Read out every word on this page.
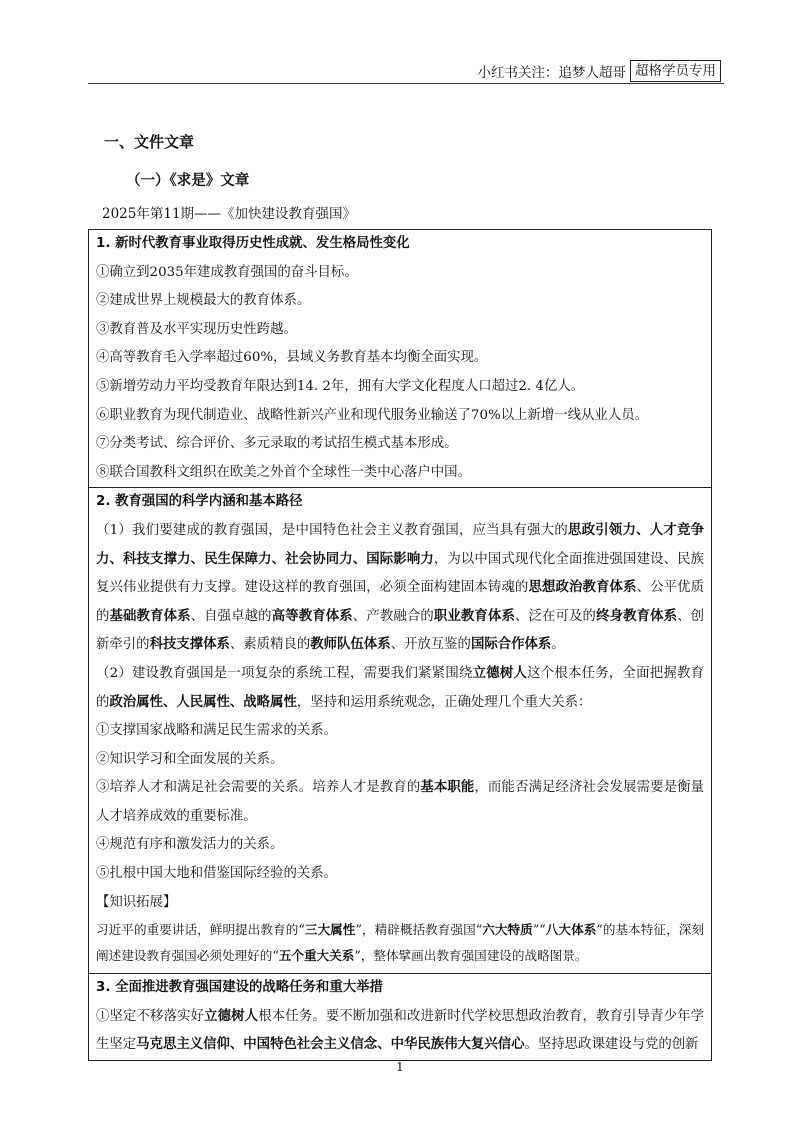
小红书关注：追梦人超哥 超格学员专用
一、文件文章
（一）《求是》文章
2025年第11期——《加快建设教育强国》
1. 新时代教育事业取得历史性成就、发生格局性变化
①确立到2035年建成教育强国的奋斗目标。
②建成世界上规模最大的教育体系。
③教育普及水平实现历史性跨越。
④高等教育毛入学率超过60%，县域义务教育基本均衡全面实现。
⑤新增劳动力平均受教育年限达到14. 2年，拥有大学文化程度人口超过2. 4亿人。
⑥职业教育为现代制造业、战略性新兴产业和现代服务业输送了70%以上新增一线从业人员。
⑦分类考试、综合评价、多元录取的考试招生模式基本形成。
⑧联合国教科文组织在欧美之外首个全球性一类中心落户中国。
2. 教育强国的科学内涵和基本路径

（1）我们要建成的教育强国，是中国特色社会主义教育强国，应当具有强大的思政引领力、人才竞争力、科技支撑力、民生保障力、社会协同力、国际影响力，为以中国式现代化全面推进强国建设、民族复兴伟业提供有力支撑。建设这样的教育强国，必须全面构建固本铸魂的思想政治教育体系、公平优质的基础教育体系、自强卓越的高等教育体系、产教融合的职业教育体系、泛在可及的终身教育体系、创新牵引的科技支撑体系、素质精良的教师队伍体系、开放互鉴的国际合作体系。

（2）建设教育强国是一项复杂的系统工程，需要我们紧紧围绕立德树人这个根本任务，全面把握教育的政治属性、人民属性、战略属性，坚持和运用系统观念，正确处理几个重大关系：

①支撑国家战略和满足民生需求的关系。
②知识学习和全面发展的关系。

③培养人才和满足社会需要的关系。培养人才是教育的基本职能，而能否满足经济社会发展需要是衡量人才培养成效的重要标准。

④规范有序和激发活力的关系。
⑤扎根中国大地和借鉴国际经验的关系。
【知识拓展】

习近平的重要讲话，鲜明提出教育的“三大属性”，精辟概括教育强国“六大特质”“八大体系”的基本特征，深刻阐述建设教育强国必须处理好的“五个重大关系”，整体擘画出教育强国建设的战略图景。

3. 全面推进教育强国建设的战略任务和重大举措

①坚定不移落实好立德树人根本任务。要不断加强和改进新时代学校思想政治教育，教育引导青少年学生坚定马克思主义信仰、中国特色社会主义信念、中华民族伟大复兴信心。坚持思政课建设与党的创新

1
